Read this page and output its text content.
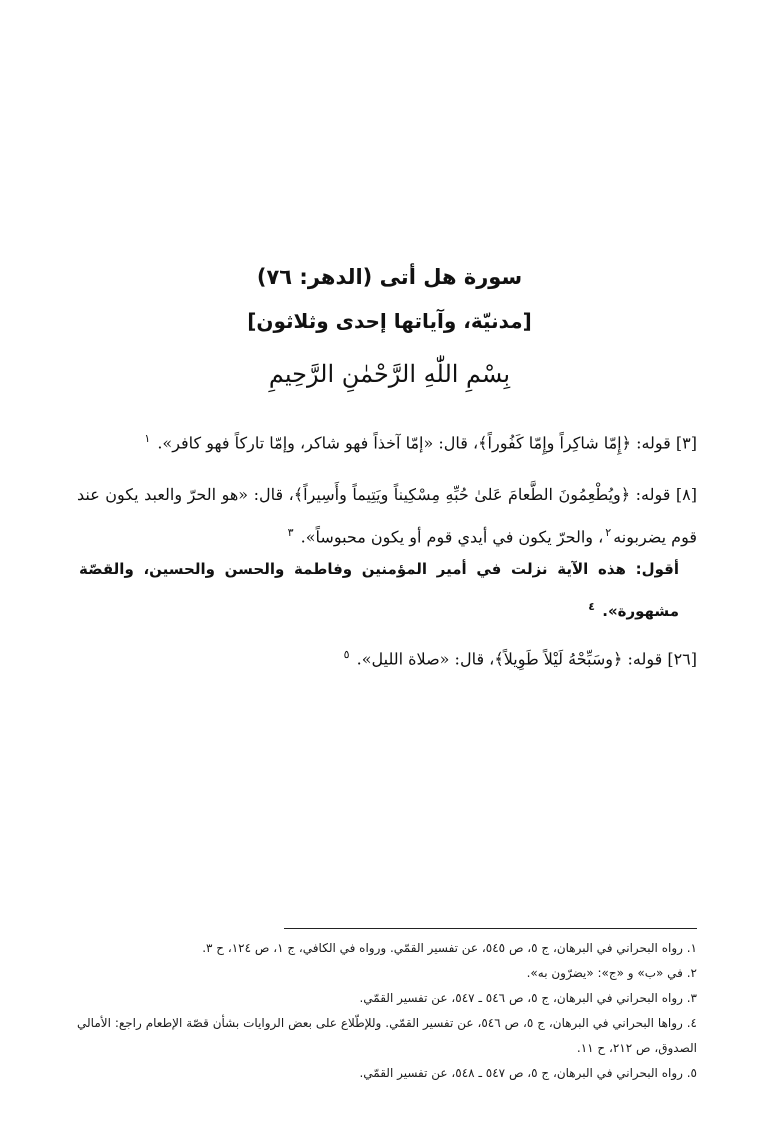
سورة هل أتى (الدهر: ٧٦)
[مدنيّة، وآياتها إحدى وثلاثون]
بِسْمِ اللّٰهِ الرَّحْمٰنِ الرَّحِيمِ
[٣] قوله: ﴿إِمّا شاكِراً وإِمّا كَفُوراً﴾، قال: «إمّا آخذاً فهو شاكر، وإمّا تاركاً فهو كافر». $^١$
[٨] قوله: ﴿ويُطْعِمُونَ الطَّعامَ عَلىٰ حُبِّهِ مِسْكِيناً ويَتِيماً وأَسِيراً﴾، قال: «هو الحرّ والعبد يكون عند قوم يضربونه$^٢$، والحرّ يكون في أيدي قوم أو يكون محبوساً». $^٣$
أقول: هذه الآية نزلت في أمير المؤمنين وفاطمة والحسن والحسين، والقصّة مشهورة». $^٤$
[٢٦] قوله: ﴿وسَبِّحْهُ لَيْلاً طَوِيلاً﴾، قال: «صلاة الليل». $^٥$
١. رواه البحراني في البرهان، ج ٥، ص ٥٤٥، عن تفسير القمّي. ورواه في الكافي، ج ١، ص ١٢٤، ح ٣.
٢. في «ب» و «ج»: «يضرّون به».
٣. رواه البحراني في البرهان، ج ٥، ص ٥٤٦ ـ ٥٤٧، عن تفسير القمّي.
٤. رواها البحراني في البرهان، ج ٥، ص ٥٤٦، عن تفسير القمّي. وللإطّلاع على بعض الروايات بشأن قصّة الإطعام راجع: الأمالي الصدوق، ص ٢١٢، ح ١١.
٥. رواه البحراني في البرهان، ج ٥، ص ٥٤٧ ـ ٥٤٨، عن تفسير القمّي.
